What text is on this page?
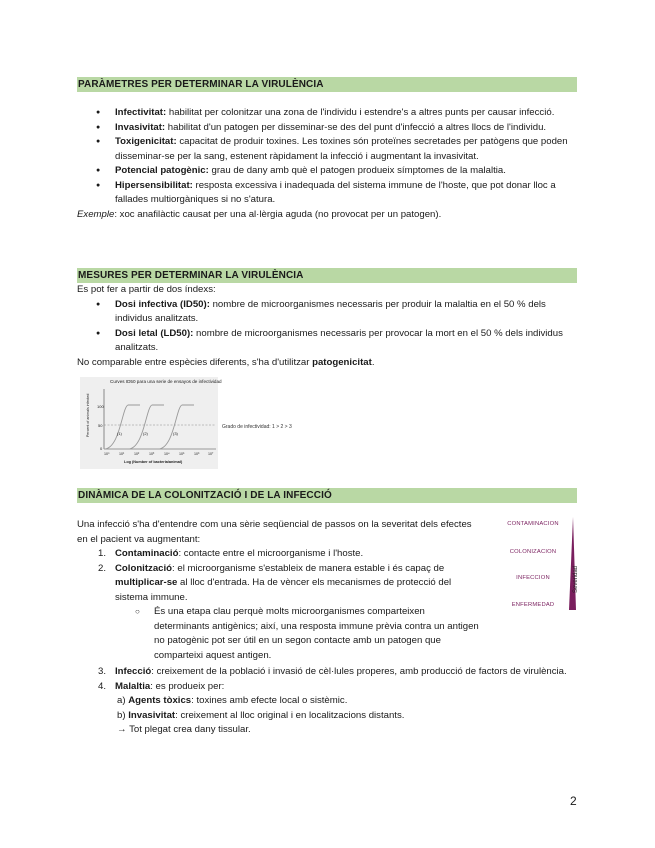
PARÀMETRES PER DETERMINAR LA VIRULÈNCIA
● Infectivitat: habilitat per colonitzar una zona de l'individu i estendre's a altres punts per causar infecció.
● Invasivitat: habilitat d'un patogen per disseminar-se des del punt d'infecció a altres llocs de l'individu.
● Toxigenicitat: capacitat de produir toxines. Les toxines són proteïnes secretades per patògens que poden disseminar-se per la sang, estenent ràpidament la infecció i augmentant la invasivitat.
● Potencial patogènic: grau de dany amb què el patogen produeix símptomes de la malaltia.
● Hipersensibilitat: resposta excessiva i inadequada del sistema immune de l'hoste, que pot donar lloc a fallades multiorgàniques si no s'atura.

Exemple: xoc anafilàctic causat per una al·lèrgia aguda (no provocat per un patogen).

MESURES PER DETERMINAR LA VIRULÈNCIA

Es pot fer a partir de dos índexs:

● Dosi infectiva (ID50): nombre de microorganismes necessaris per produir la malaltia en el 50 % dels individus analitzats.
● Dosi letal (LD50): nombre de microorganismes necessaris per provocar la mort en el 50 % dels individus analitzats.

No comparable entre espècies diferents, s'ha d'utilitzar patogenicitat.

Curves ID50 para una serie de ensayos de infectividad
100
50
0
Percent of animals infected	(1)	(2)	(3)
10⁰	10¹	10²	10³	10⁴	10⁵	10⁶ 10⁷
Log (Number of bacteria/animal)
Grado de infectividad: 1 > 2 > 3
DINÀMICA DE LA COLONITZACIÓ I DE LA INFECCIÓ

Una infecció s'ha d'entendre com una sèrie seqüencial de passos on la severitat dels efectes en el pacient va augmentant:

1. Contaminació: contacte entre el microorganisme i l'hoste.
2. Colonització: el microorganisme s'estableix de manera estable i és capaç de multiplicar-se al lloc d'entrada. Ha de vèncer els mecanismes de protecció del sistema immune.
○ És una etapa clau perquè molts microorganismes comparteixen determinants antigènics; així, una resposta immune prèvia contra un antigen no patogènic pot ser útil en un segon contacte amb un patogen que comparteixi aquest antigen.
3. Infecció: creixement de la població i invasió de cèl·lules properes, amb producció de factors de virulència.
4. Malaltia: es produeix per:
a) Agents tòxics: toxines amb efecte local o sistèmic.
b) Invasivitat: creixement al lloc original i en localitzacions distants.
→ Tot plegat crea dany tissular.
CONTAMINACION
COLONIZACION
INFECCION
ENFERMEDAD
Severidad
2
